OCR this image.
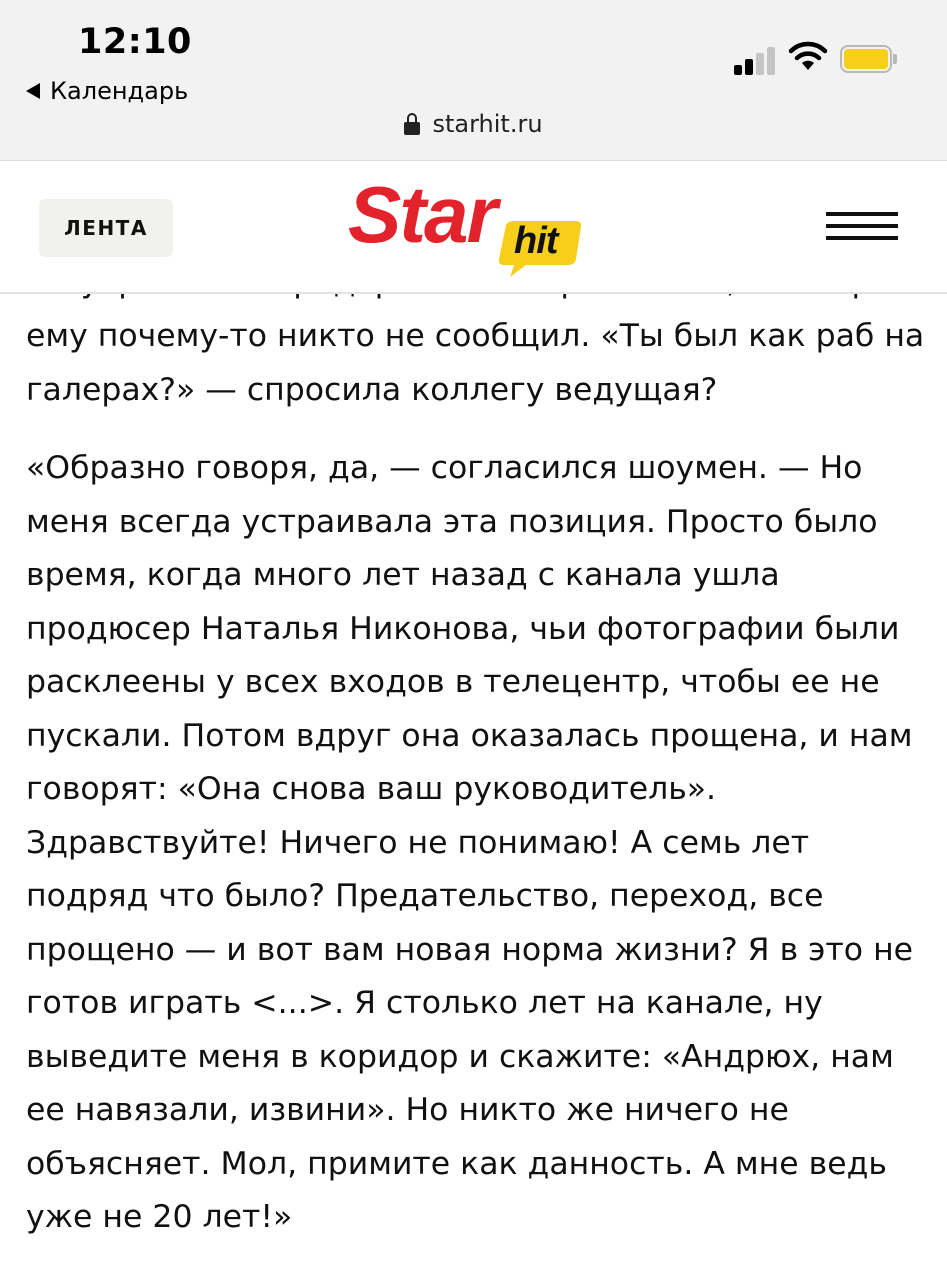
12:10
Календарь
starhit.ru
ЛЕНТА	Star hit

ему почему-то никто не сообщил. «Ты был как раб на галерах?» — спросила коллегу ведущая?

«Образно говоря, да, — согласился шоумен. — Но меня всегда устраивала эта позиция. Просто было время, когда много лет назад с канала ушла продюсер Наталья Никонова, чьи фотографии были расклеены у всех входов в телецентр, чтобы ее не пускали. Потом вдруг она оказалась прощена, и нам говорят: «Она снова ваш руководитель». Здравствуйте! Ничего не понимаю! А семь лет подряд что было? Предательство, переход, все прощено — и вот вам новая норма жизни? Я в это не готов играть <...>. Я столько лет на канале, ну выведите меня в коридор и скажите: «Андрюх, нам ее навязали, извини». Но никто же ничего не объясняет. Мол, примите как данность. А мне ведь уже не 20 лет!»
